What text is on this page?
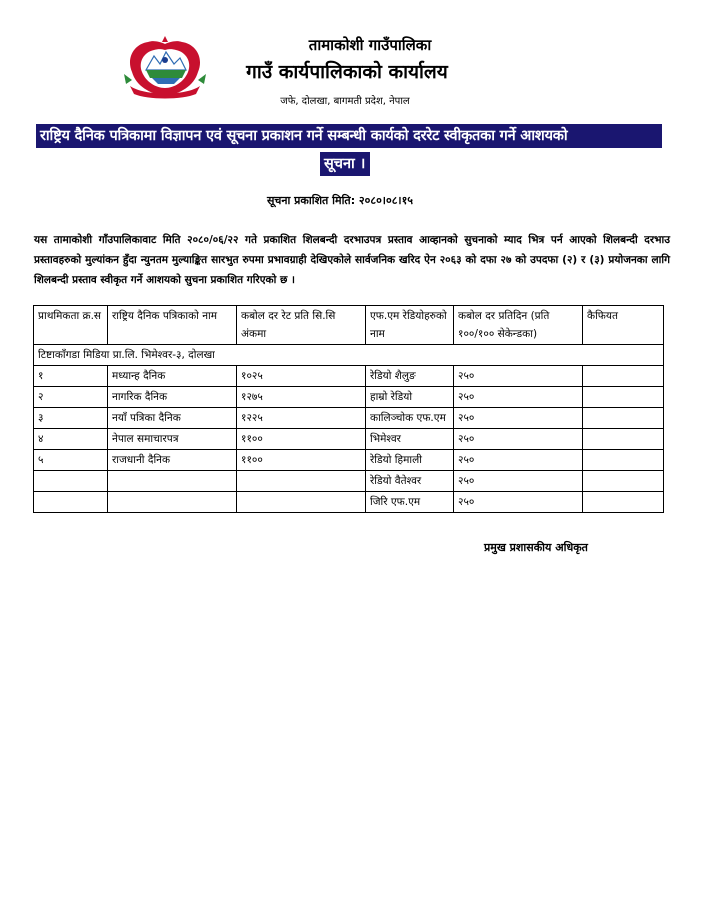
तामाकोशी गाउँपालिका
गाउँ कार्यपालिकाको कार्यालय
जफे, दोलखा, बागमती प्रदेश, नेपाल
राष्ट्रिय दैनिक पत्रिकामा विज्ञापन एवं सूचना प्रकाशन गर्ने सम्बन्धी कार्यको दररेट स्वीकृतका गर्ने आशयको
सूचना ।
सूचना प्रकाशित मिति: २०८०।०८।१५
यस तामाकोशी गाँउपालिकावाट मिति २०८०/०६/२२ गते प्रकाशित शिलबन्दी दरभाउपत्र प्रस्ताव आव्हानको सुचनाको म्याद भित्र पर्न आएको शिलबन्दी दरभाउ प्रस्तावहरुको मुल्यांकन हुँदा न्युनतम मुल्याङ्कित सारभुत रुपमा प्रभावग्राही देखिएकोले सार्वजनिक खरिद ऐन २०६३ को दफा २७ को उपदफा (२) र (३) प्रयोजनका लागि शिलबन्दी प्रस्ताव स्वीकृत गर्ने आशयको सुचना प्रकाशित गरिएको छ ।
प्राथमिकता क्र.स	राष्ट्रिय दैनिक पत्रिकाको नाम	कबोल दर रेट प्रति सि.सि अंकमा	एफ.एम रेडियोहरुको नाम	कबोल दर प्रतिदिन (प्रति १००/१०० सेकेन्डका)	कैफियत
टिष्टाकाँगडा मिडिया प्रा.लि. भिमेश्वर-३, दोलखा					
१	मध्यान्ह दैनिक	१०२५	रेडियो शैलुङ	२५०	
२	नागरिक दैनिक	१२७५	हाम्रो रेडियो	२५०	
३	नयाँ पत्रिका दैनिक	१२२५	कालिञ्चोक एफ.एम	२५०	
४	नेपाल समाचारपत्र	११००	भिमेश्वर	२५०	
५	राजधानी दैनिक	११००	रेडियो हिमाली	२५०	
			रेडियो वैतेश्वर	२५०	
			जिरि एफ.एम	२५०	
प्रमुख प्रशासकीय अधिकृत
